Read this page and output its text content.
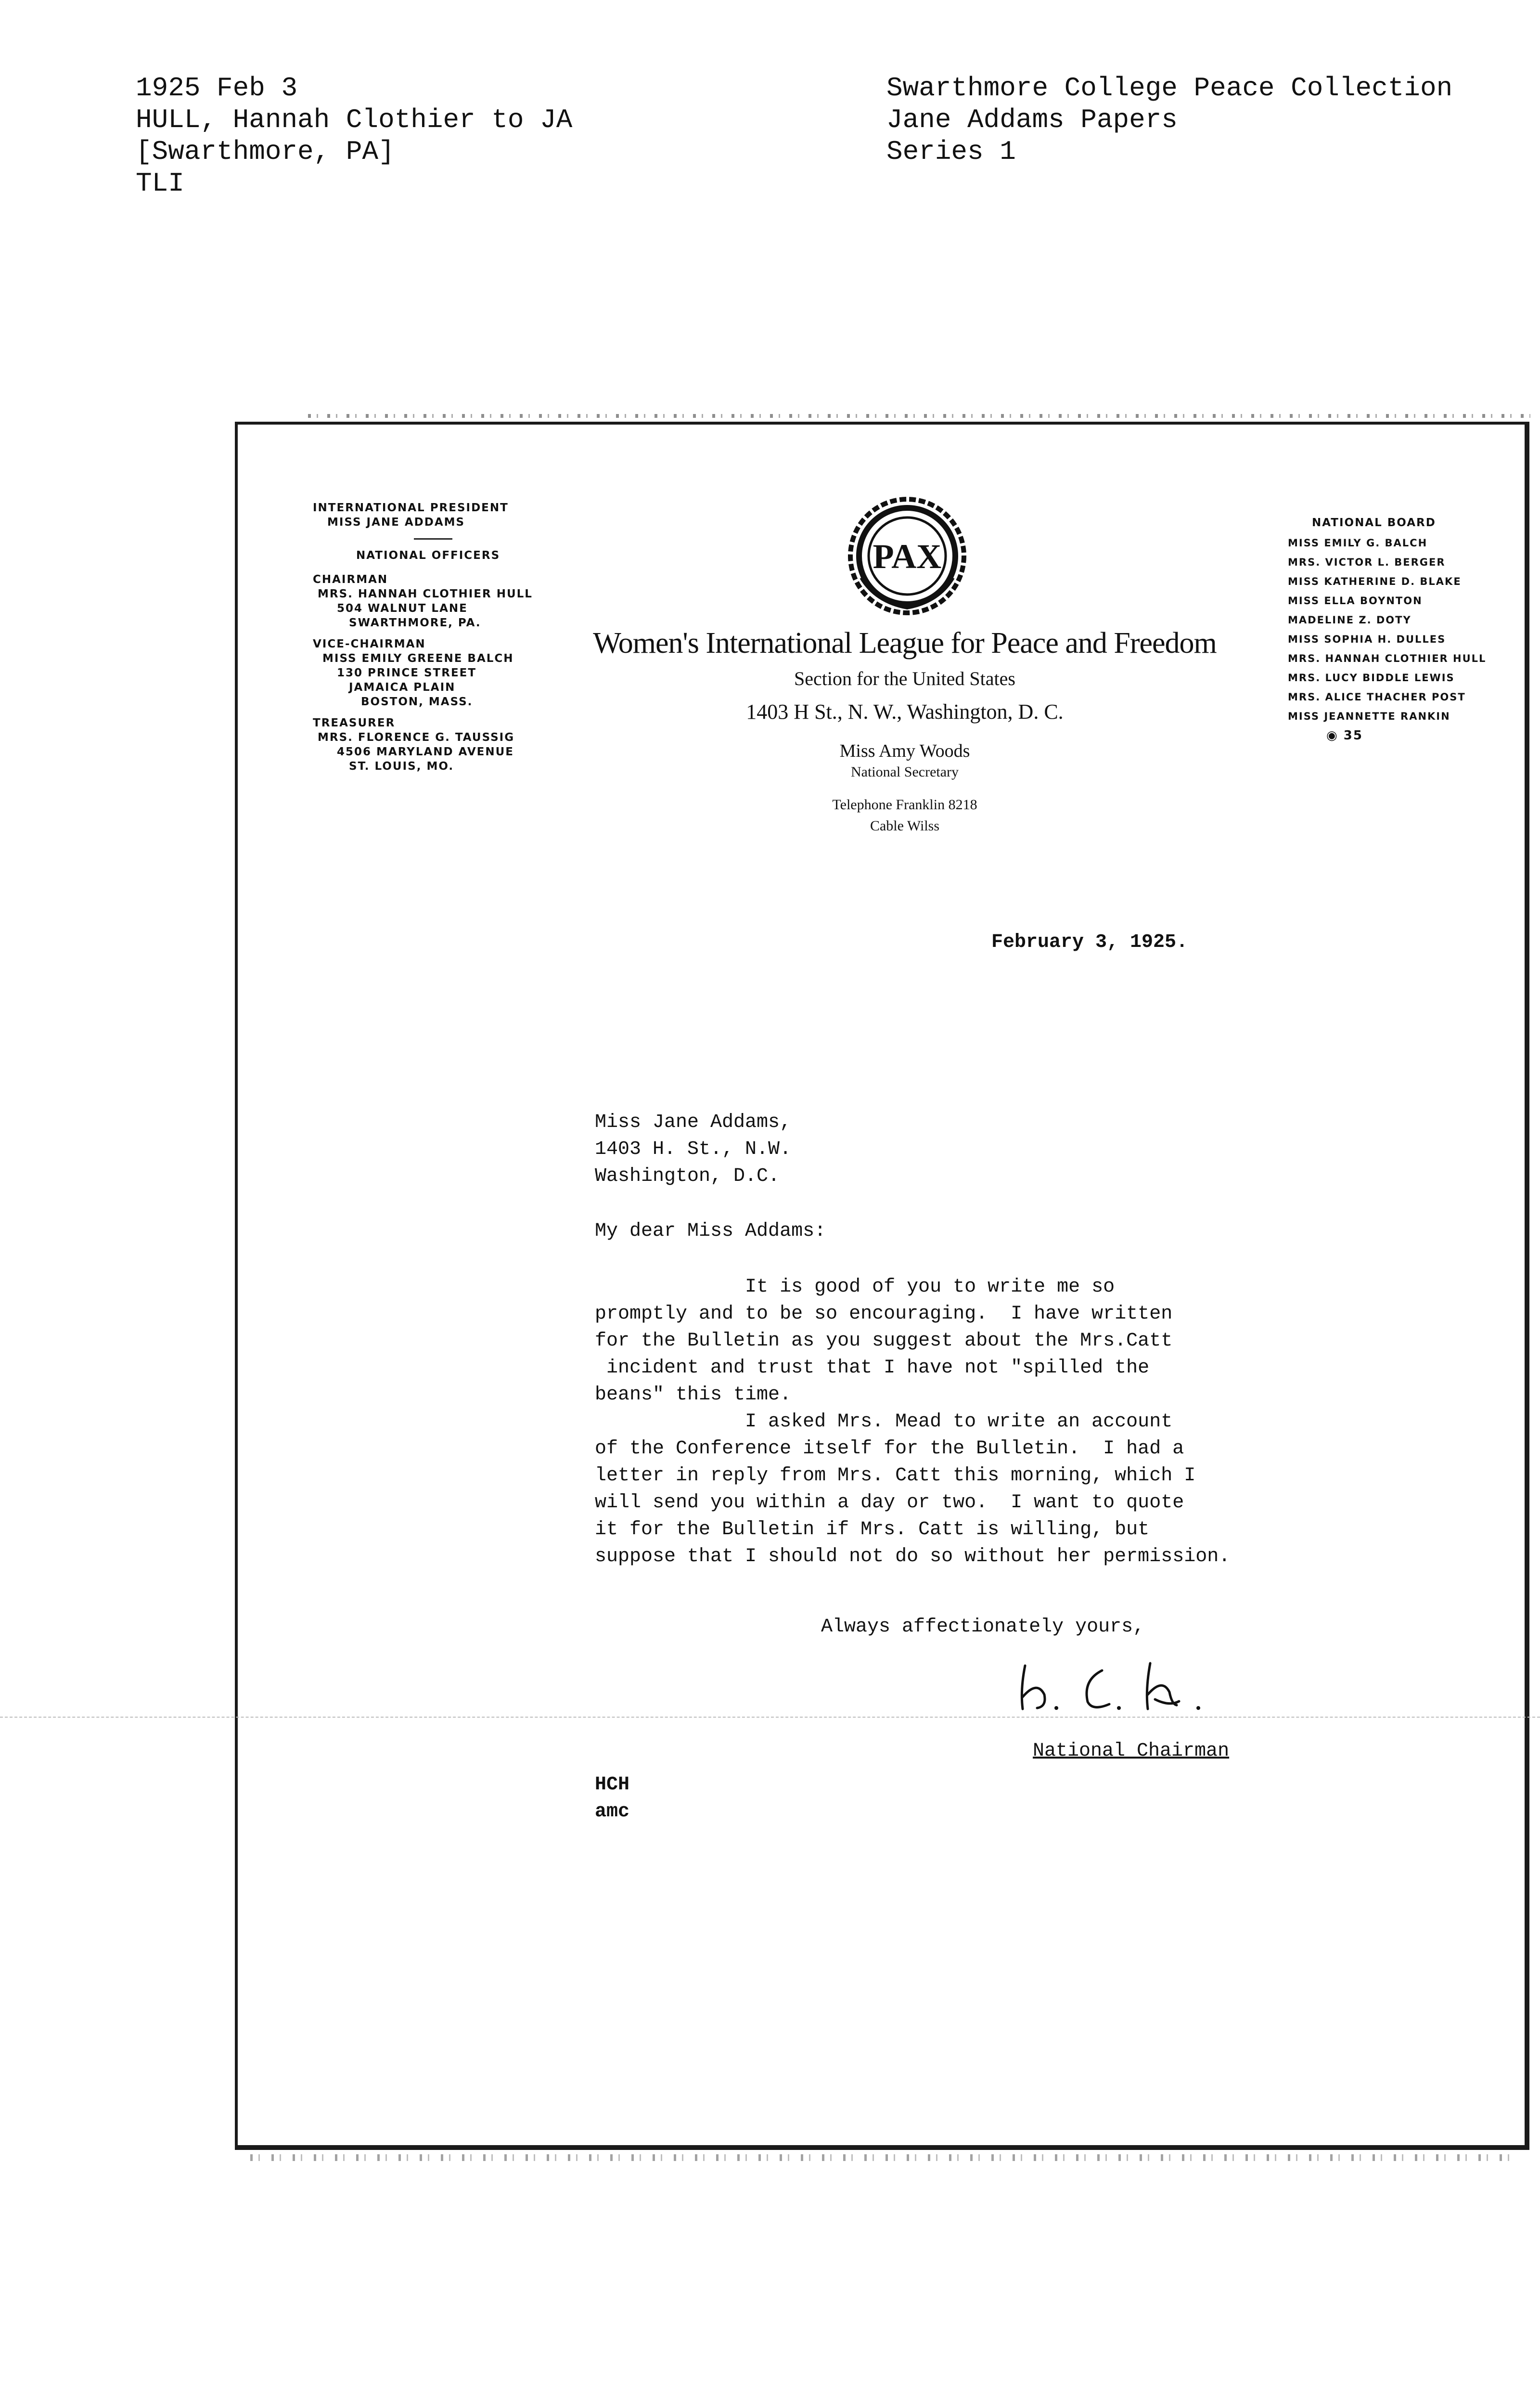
1925 Feb 3
HULL, Hannah Clothier to JA
[Swarthmore, PA]
TLI
Swarthmore College Peace Collection
Jane Addams Papers
Series 1
INTERNATIONAL PRESIDENT
MISS JANE ADDAMS
NATIONAL OFFICERS
CHAIRMAN
MRS. HANNAH CLOTHIER HULL
504 WALNUT LANE
SWARTHMORE, PA.
VICE-CHAIRMAN
MISS EMILY GREENE BALCH
130 PRINCE STREET
JAMAICA PLAIN
BOSTON, MASS.
TREASURER
MRS. FLORENCE G. TAUSSIG
4506 MARYLAND AVENUE
ST. LOUIS, MO.
PAX
Women's International League for Peace and Freedom
Section for the United States
1403 H St., N. W., Washington, D. C.
Miss Amy Woods
National Secretary
Telephone Franklin 8218
Cable Wilss
NATIONAL BOARD
MISS EMILY G. BALCH
MRS. VICTOR L. BERGER
MISS KATHERINE D. BLAKE
MISS ELLA BOYNTON
MADELINE Z. DOTY
MISS SOPHIA H. DULLES
MRS. HANNAH CLOTHIER HULL
MRS. LUCY BIDDLE LEWIS
MRS. ALICE THACHER POST
MISS JEANNETTE RANKIN
◉ 35
February 3, 1925.
Miss Jane Addams,
1403 H. St., N.W.
Washington, D.C.
My dear Miss Addams:
It is good of you to write me so
promptly and to be so encouraging.  I have written
for the Bulletin as you suggest about the Mrs.Catt
incident and trust that I have not "spilled the
beans" this time.
I asked Mrs. Mead to write an account
of the Conference itself for the Bulletin.  I had a
letter in reply from Mrs. Catt this morning, which I
will send you within a day or two.  I want to quote
it for the Bulletin if Mrs. Catt is willing, but
suppose that I should not do so without her permission.
Always affectionately yours,
National Chairman
HCH
amc
